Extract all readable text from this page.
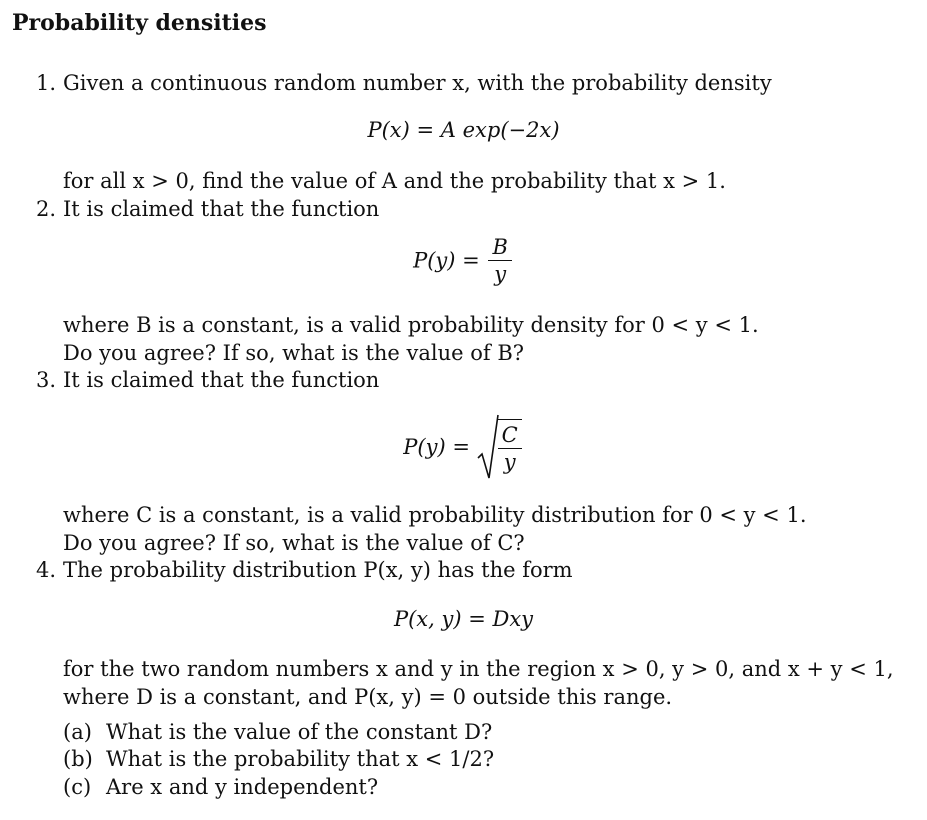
Probability densities
1. Given a continuous random number x, with the probability density
P(x) = A exp(−2x)
for all x > 0, find the value of A and the probability that x > 1.
2. It is claimed that the function
$P(y) = \frac{B}{y}$
where B is a constant, is a valid probability density for 0 < y < 1.
Do you agree? If so, what is the value of B?
3. It is claimed that the function
$P(y) = \frac{C}{y}$
where C is a constant, is a valid probability distribution for 0 < y < 1.
Do you agree? If so, what is the value of C?
4. The probability distribution P(x, y) has the form
P(x, y) = Dxy
for the two random numbers x and y in the region x > 0, y > 0, and x + y < 1,
where D is a constant, and P(x, y) = 0 outside this range.
(a) What is the value of the constant D?
(b) What is the probability that x < 1/2?
(c) Are x and y independent?
